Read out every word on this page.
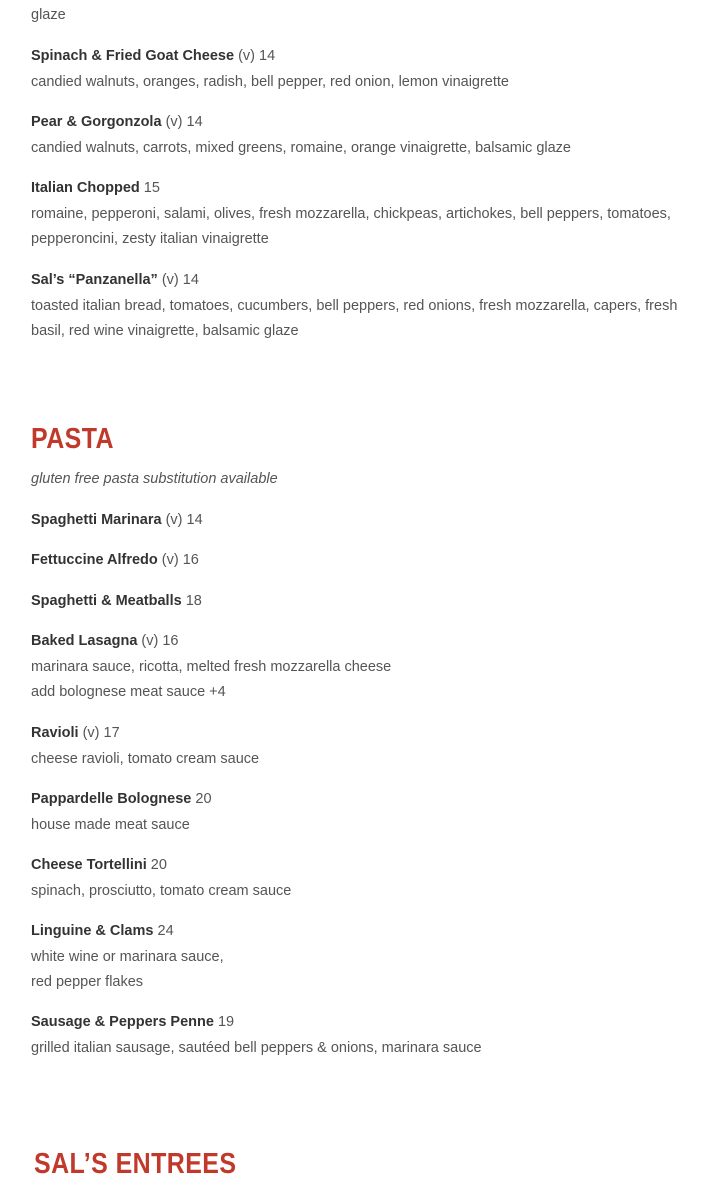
glaze
Spinach & Fried Goat Cheese (v) 14
candied walnuts, oranges, radish, bell pepper, red onion, lemon vinaigrette
Pear & Gorgonzola (v) 14
candied walnuts, carrots, mixed greens, romaine, orange vinaigrette, balsamic glaze
Italian Chopped 15
romaine, pepperoni, salami, olives, fresh mozzarella, chickpeas, artichokes, bell peppers, tomatoes,
pepperoncini, zesty italian vinaigrette
Sal’s “Panzanella” (v) 14
toasted italian bread, tomatoes, cucumbers, bell peppers, red onions, fresh mozzarella, capers, fresh
basil, red wine vinaigrette, balsamic glaze
PASTA
gluten free pasta substitution available
Spaghetti Marinara (v) 14
Fettuccine Alfredo (v) 16
Spaghetti & Meatballs 18
Baked Lasagna (v) 16
marinara sauce, ricotta, melted fresh mozzarella cheese
add bolognese meat sauce +4
Ravioli (v) 17
cheese ravioli, tomato cream sauce
Pappardelle Bolognese 20
house made meat sauce
Cheese Tortellini 20
spinach, prosciutto, tomato cream sauce
Linguine & Clams 24
white wine or marinara sauce,
red pepper flakes
Sausage & Peppers Penne 19
grilled italian sausage, sautéed bell peppers & onions, marinara sauce
SAL’S ENTREES
